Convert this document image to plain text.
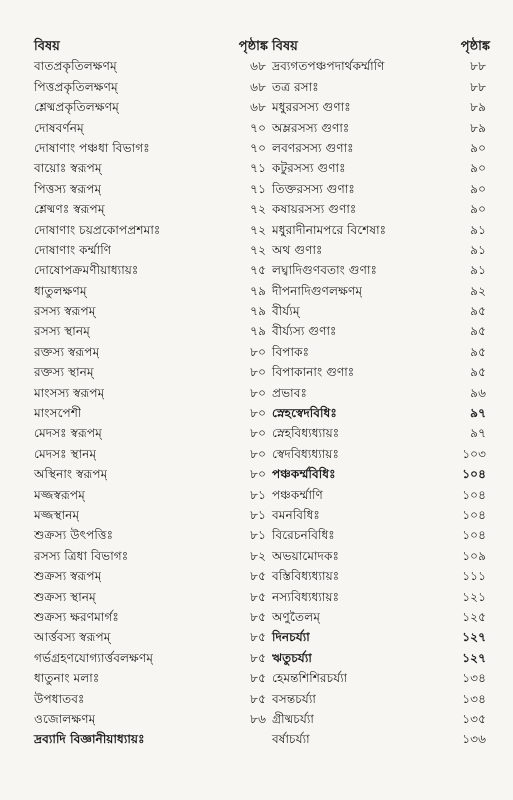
বিষয়	পৃষ্ঠাঙ্ক
বাতপ্রকৃতিলক্ষণম্	৬৮
পিত্তপ্রকৃতিলক্ষণম্	৬৮
শ্লেষ্মপ্রকৃতিলক্ষণম্	৬৮
দোষবর্ণনম্	৭০
দোষাণাং পঞ্চধা বিভাগঃ	৭০
বায়োঃ স্বরূপম্	৭১
পিত্তস্য স্বরূপম্	৭১
শ্লেষ্মণঃ স্বরূপম্	৭২
দোষাণাং চয়প্রকোপপ্রশমাঃ	৭২
দোষাণাং কর্ম্মাণি	৭২
দোষোপক্রমণীয়াধ্যায়ঃ	৭৫
ধাতুলক্ষণম্	৭৯
রসস্য স্বরূপম্	৭৯
রসস্য স্থানম্	৭৯
রক্তস্য স্বরূপম্	৮০
রক্তস্য স্থানম্	৮০
মাংসস্য স্বরূপম্	৮০
মাংসপেশী	৮০
মেদসঃ স্বরূপম্	৮০
মেদসঃ স্থানম্	৮০
অস্থিনাং স্বরূপম্	৮০
মজ্জস্বরূপম্	৮১
মজ্জস্থানম্	৮১
শুক্রস্য উৎপত্তিঃ	৮১
রসস্য ত্রিধা বিভাগঃ	৮২
শুক্রস্য স্বরূপম্	৮৫
শুক্রস্য স্থানম্	৮৫
শুক্রস্য ক্ষরণমার্গঃ	৮৫
আর্ত্তবস্য স্বরূপম্	৮৫
গর্ভগ্রহণযোগ্যার্ত্তবলক্ষণম্	৮৫
ধাতুনাং মলাঃ	৮৫
উপধাতবঃ	৮৫
ওজোলক্ষণম্	৮৬
দ্রব্যাদি বিজ্ঞানীয়াধ্যায়ঃ
বিষয়	পৃষ্ঠাঙ্ক
দ্রব্যগতপঞ্চপদার্থকর্ম্মাণি	৮৮
তত্র রসাঃ	৮৮
মধুররসস্য গুণাঃ	৮৯
অম্লরসস্য গুণাঃ	৮৯
লবণরসস্য গুণাঃ	৯০
কটুরসস্য গুণাঃ	৯০
তিক্তরসস্য গুণাঃ	৯০
কষায়রসস্য গুণাঃ	৯০
মধুরাদীনামপরে বিশেষাঃ	৯১
অথ গুণাঃ	৯১
লঘ্বাদিগুণবতাং গুণাঃ	৯১
দীপনাদিগুণলক্ষণম্	৯২
বীর্য্যম্	৯৫
বীর্য্যস্য গুণাঃ	৯৫
বিপাকঃ	৯৫
বিপাকানাং গুণাঃ	৯৫
প্রভাবঃ	৯৬
স্নেহস্বেদবিধিঃ	৯৭
স্নেহবিধ্যধ্যায়ঃ	৯৭
স্বেদবিধ্যধ্যায়ঃ	১০৩
পঞ্চকর্ম্মবিধিঃ	১০৪
পঞ্চকর্ম্মাণি	১০৪
বমনবিধিঃ	১০৪
বিরেচনবিধিঃ	১০৪
অভয়ামোদকঃ	১০৯
বস্তিবিধ্যধ্যায়ঃ	১১১
নস্যবিধ্যধ্যায়ঃ	১২১
অণুতৈলম্	১২৫
দিনচর্য্যা	১২৭
ঋতুচর্য্যা	১২৭
হেমন্তশিশিরচর্য্যা	১৩৪
বসন্তচর্য্যা	১৩৪
গ্রীষ্মচর্য্যা	১৩৫
বর্ষাচর্য্যা	১৩৬
